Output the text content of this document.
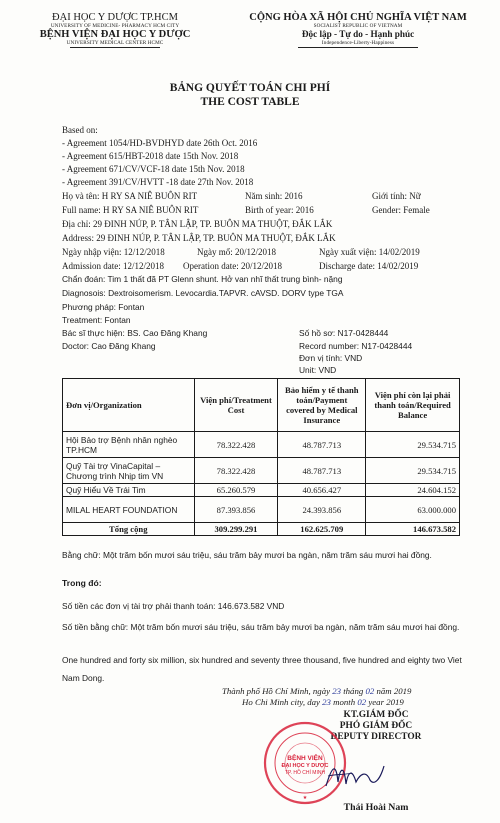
ĐẠI HỌC Y DƯỢC TP.HCM
UNIVERSITY OF MEDICINE- PHARMACY HCM CITY
BỆNH VIỆN ĐẠI HỌC Y DƯỢC
UNIVERSITY MEDICAL CENTER HCMC
CỘNG HÒA XÃ HỘI CHỦ NGHĨA VIỆT NAM
SOCIALIST REPUBLIC OF VIETNAM
Độc lập - Tự do - Hạnh phúc
Independence-Liberty-Happiness
BẢNG QUYẾT TOÁN CHI PHÍ
THE COST TABLE
Based on:
- Agreement 1054/HD-BVDHYD date 26th Oct. 2016
- Agreement 615/HBT-2018 date 15th Nov. 2018
- Agreement 671/CV/VCF-18 date 15th Nov. 2018
- Agreement 391/CV/HVTT -18 date 27th Nov. 2018
Họ và tên: H RY SA NIÊ BUÔN RIT	Năm sinh: 2016	Giới tính: Nữ
Full name: H RY SA NIÊ BUÔN RIT	Birth of year: 2016	Gender: Female
Địa chỉ: 29 ĐINH NÚP, P. TÂN LẬP, TP. BUÔN MA THUỘT, ĐẮK LẮK
Address: 29 ĐINH NÚP, P. TÂN LẬP, TP. BUÔN MA THUỘT, ĐẮK LẮK
Ngày nhập viện: 12/12/2018	Ngày mổ: 20/12/2018	Ngày xuất viện: 14/02/2019
Admission date: 12/12/2018 Operation date: 20/12/2018	Discharge date: 14/02/2019
Chẩn đoán: Tim 1 thất đã PT Glenn shunt. Hở van nhĩ thất trung bình- nặng
Diagnosois: Dextroisomerism. Levocardia.TAPVR. cAVSD. DORV type TGA
Phương pháp: Fontan
Treatment: Fontan
Bác sĩ thực hiện: BS. Cao Đăng Khang	Số hồ sơ: N17-0428444
Doctor: Cao Đăng Khang	Record number: N17-0428444
Đơn vị tính: VND
Unit: VND
Đơn vị/Organization	Viện phí/Treatment Cost	Bảo hiểm y tế thanh toán/Payment covered by Medical Insurance	Viện phí còn lại phải thanh toán/Required Balance
Hội Bảo trợ Bệnh nhân nghèo TP.HCM	78.322.428	48.787.713	29.534.715
Quỹ Tài trợ VinaCapital – Chương trình Nhịp tim VN	78.322.428	48.787.713	29.534.715
Quỹ Hiểu Về Trái Tim	65.260.579	40.656.427	24.604.152
MILAL HEART FOUNDATION	87.393.856	24.393.856	63.000.000
Tổng cộng	309.299.291	162.625.709	146.673.582
Bằng chữ: Một trăm bốn mươi sáu triệu, sáu trăm bảy mươi ba ngàn, năm trăm sáu mươi hai đồng.
Trong đó:
Số tiền các đơn vị tài trợ phải thanh toán: 146.673.582 VND
Số tiền bằng chữ: Một trăm bốn mươi sáu triệu, sáu trăm bảy mươi ba ngàn, năm trăm sáu mươi hai đồng.
One hundred and forty six million, six hundred and seventy three thousand, five hundred and eighty two Viet Nam Dong.
Thành phố Hồ Chí Minh, ngày 23 tháng 02 năm 2019
Ho Chi Minh city, day 23 month 02 year 2019
KT.GIÁM ĐỐC
PHÓ GIÁM ĐỐC
DEPUTY DIRECTOR
BỆNH VIỆN
ĐẠI HỌC Y DƯỢC
TP. HỒ CHÍ MINH
★
Thái Hoài Nam
